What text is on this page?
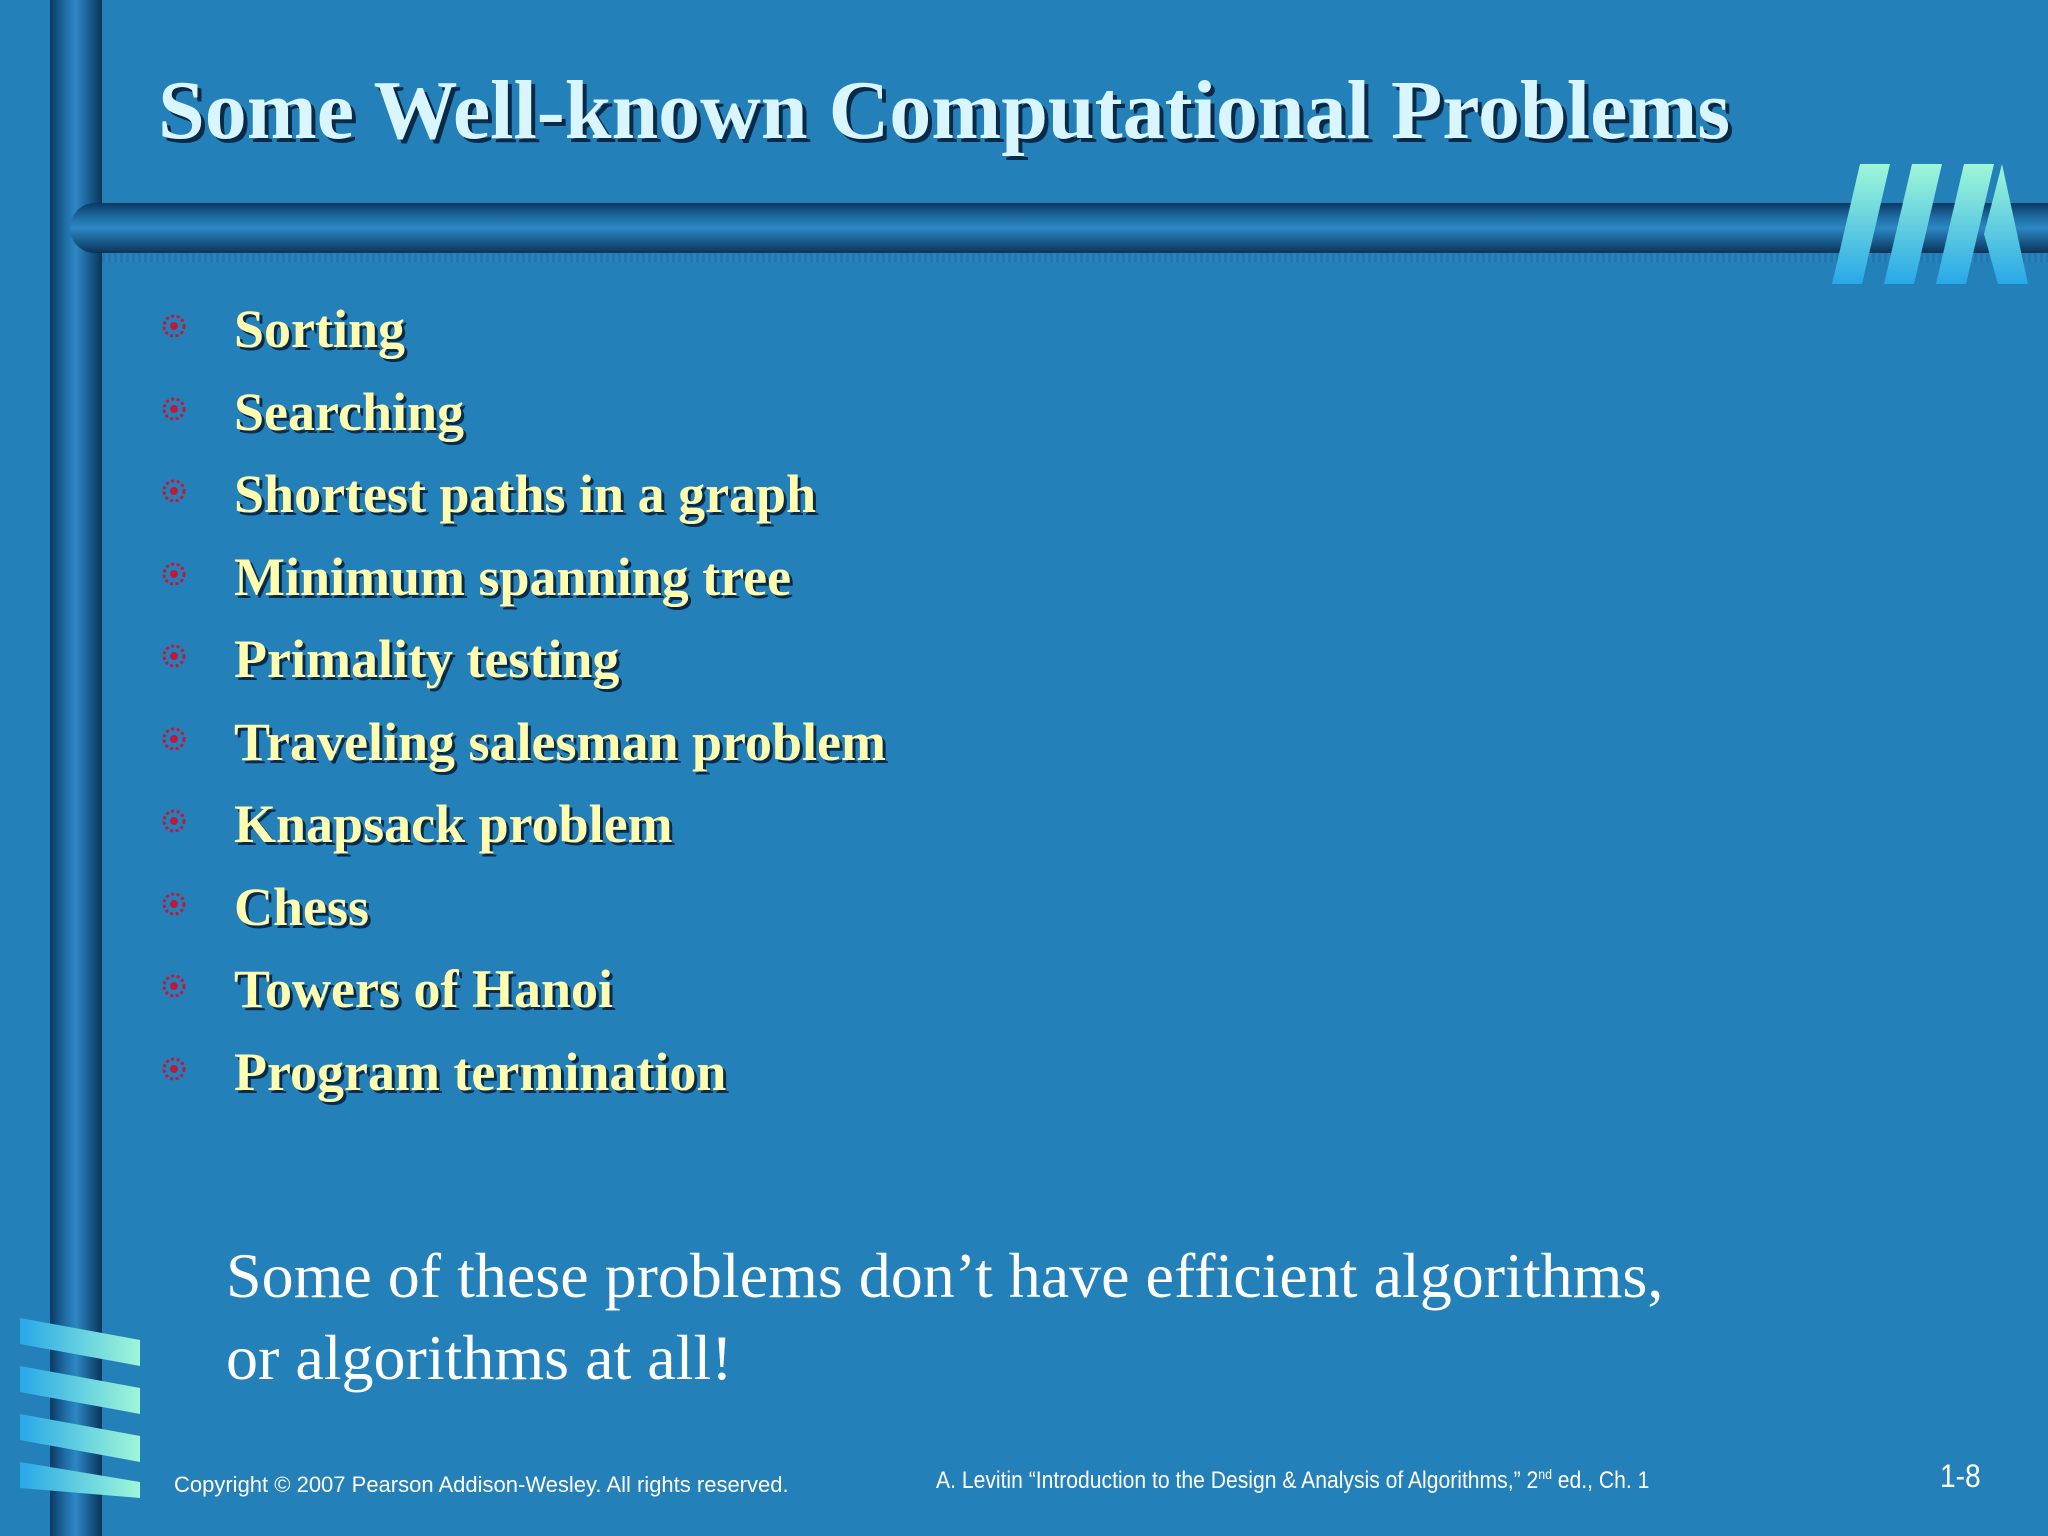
Some Well-known Computational Problems
Sorting
Searching
Shortest paths in a graph
Minimum spanning tree
Primality testing
Traveling salesman problem
Knapsack problem
Chess
Towers of Hanoi
Program termination

Some of these problems don’t have efficient algorithms,
or algorithms at all!

Copyright © 2007 Pearson Addison-Wesley. All rights reserved.	A. Levitin “Introduction to the Design & Analysis of Algorithms,” 2nd ed., Ch. 1	1-8
